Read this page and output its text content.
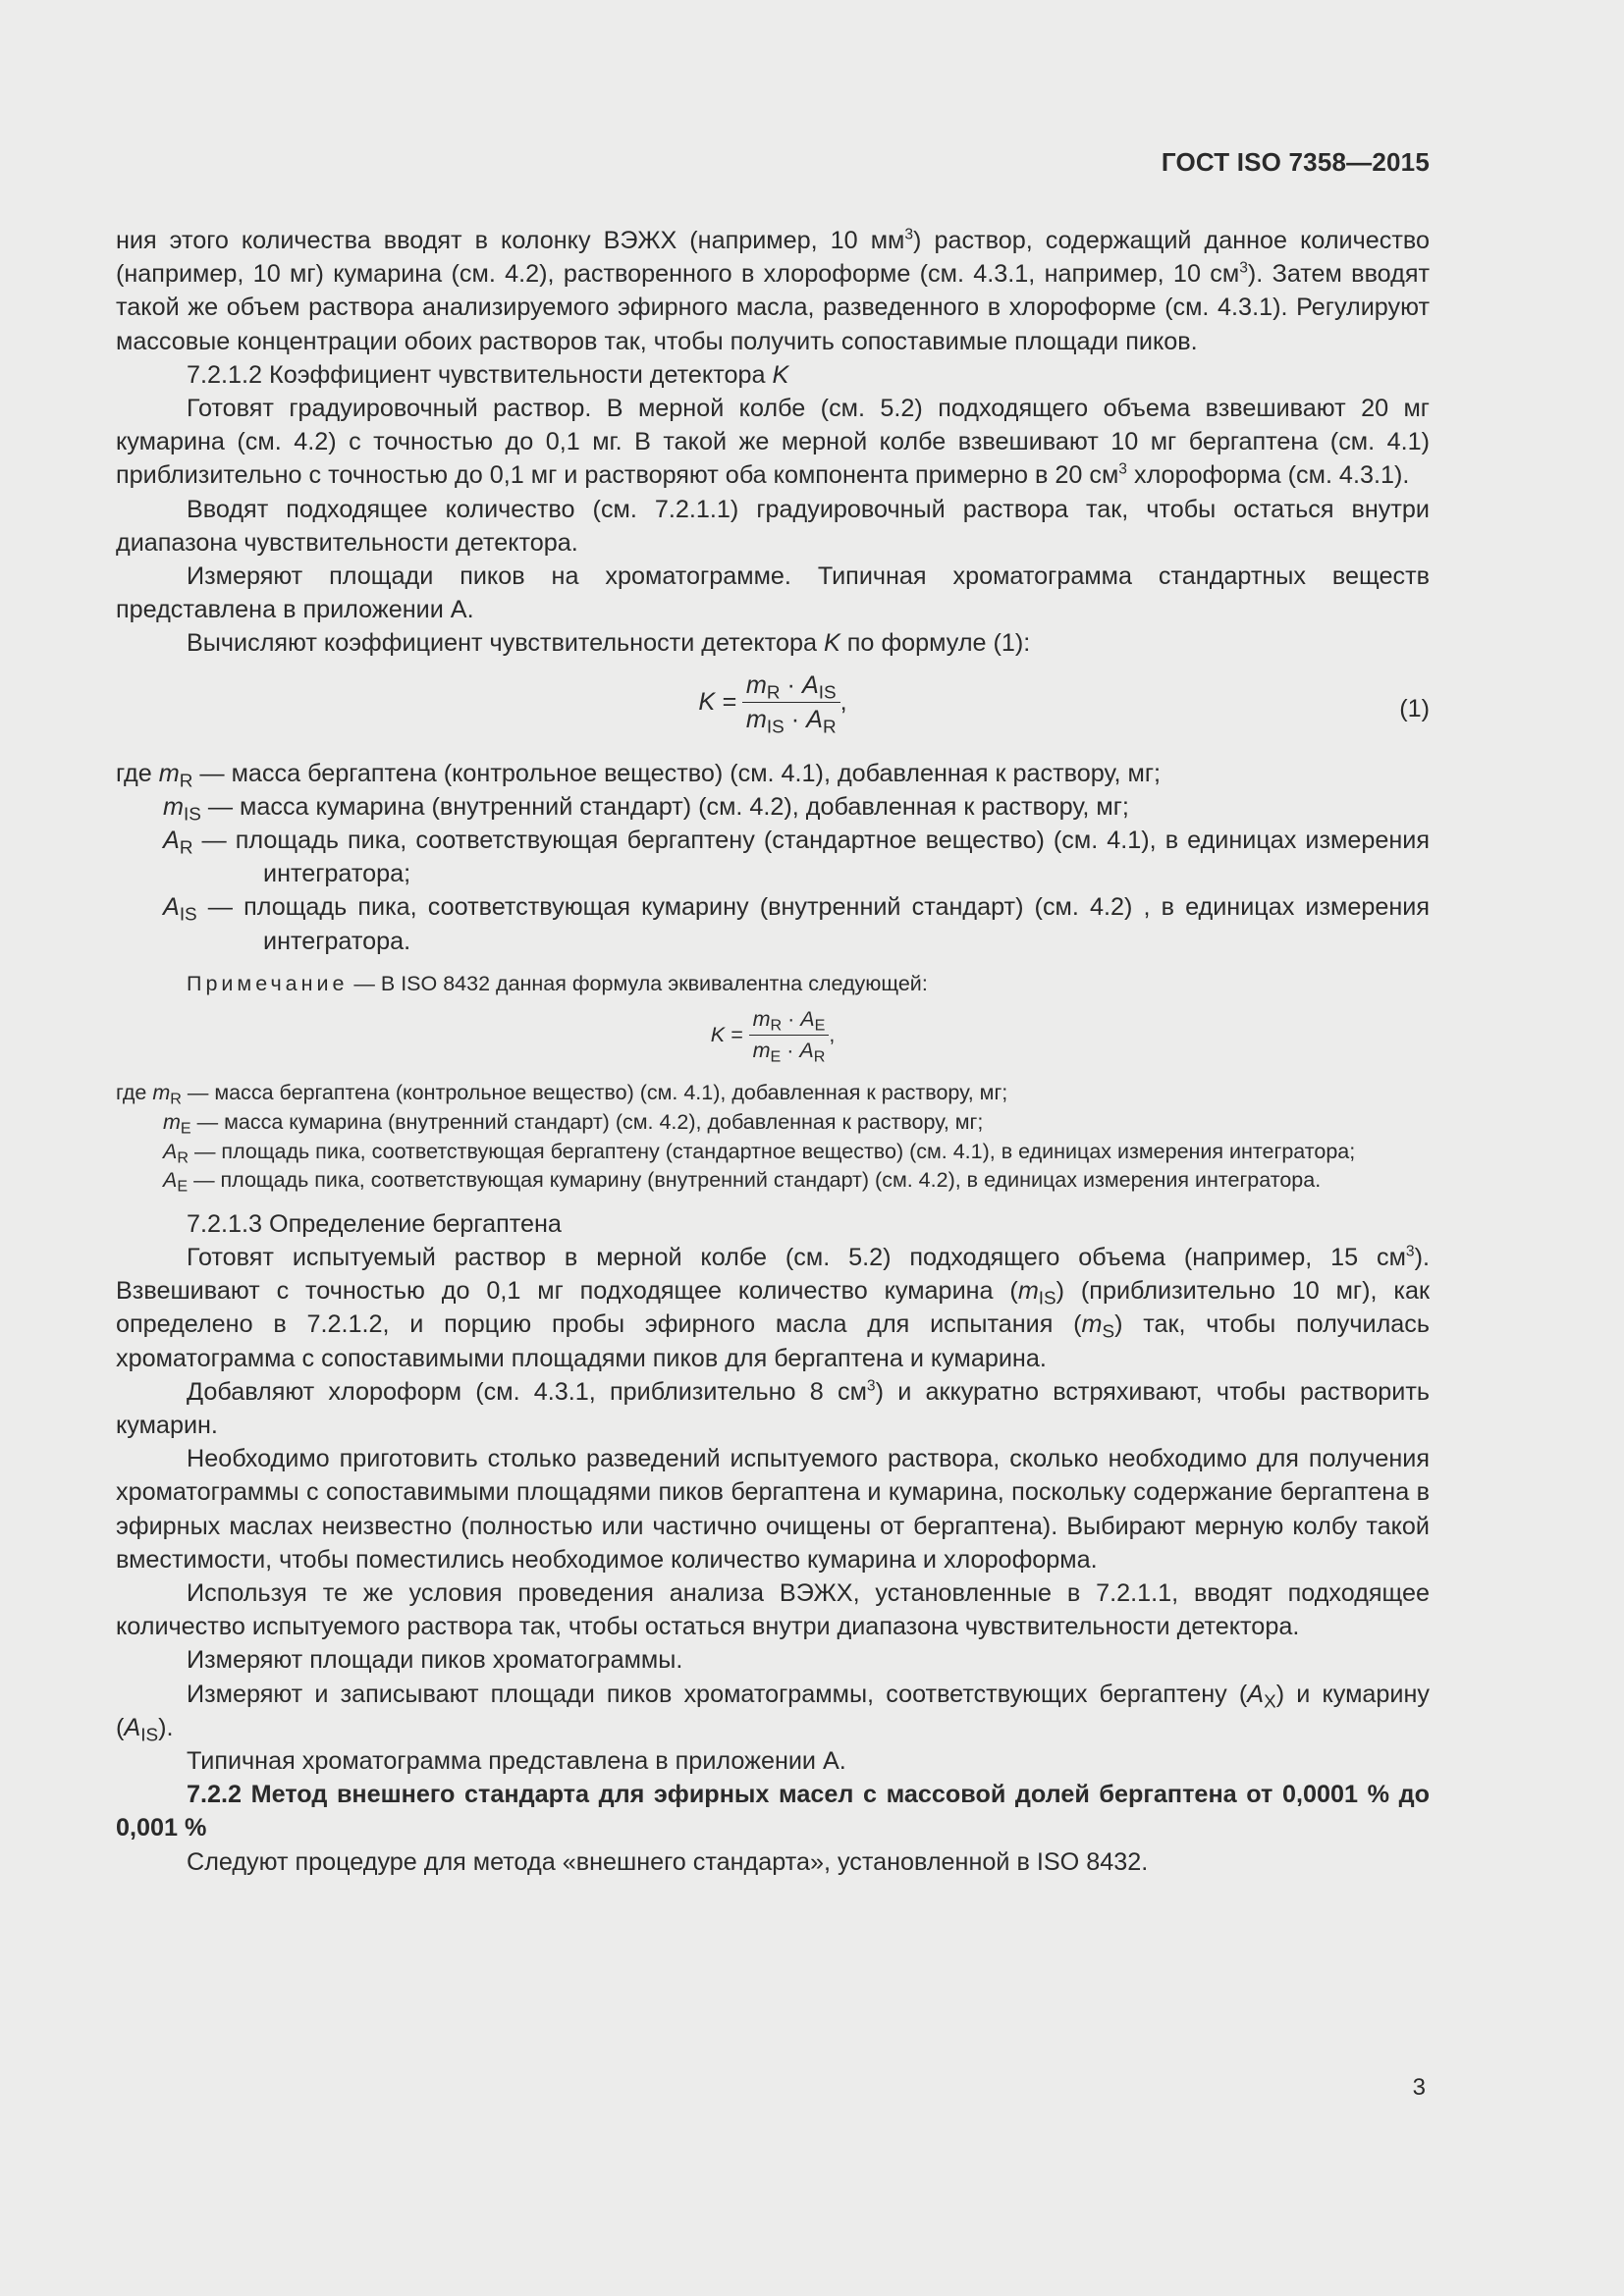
ГОСТ ISO 7358—2015

ния этого количества вводят в колонку ВЭЖХ (например, 10 $мм^3$) раствор, содержащий данное количество (например, 10 мг) кумарина (см. 4.2), растворенного в хлороформе (см. 4.3.1, например, 10 $см^3$). Затем вводят такой же объем раствора анализируемого эфирного масла, разведенного в хлороформе (см. 4.3.1). Регулируют массовые концентрации обоих растворов так, чтобы получить сопоставимые площади пиков.

7.2.1.2 Коэффициент чувствительности детектора K

Готовят градуировочный раствор. В мерной колбе (см. 5.2) подходящего объема взвешивают 20 мг кумарина (см. 4.2) с точностью до 0,1 мг. В такой же мерной колбе взвешивают 10 мг бергаптена (см. 4.1) приблизительно с точностью до 0,1 мг и растворяют оба компонента примерно в 20 $см^3$ хлороформа (см. 4.3.1).

Вводят подходящее количество (см. 7.2.1.1) градуировочный раствора так, чтобы остаться внутри диапазона чувствительности детектора.

Измеряют площади пиков на хроматограмме. Типичная хроматограмма стандартных веществ представлена в приложении А.

Вычисляют коэффициент чувствительности детектора K по формуле (1):

$K = \frac{m_R \cdot A_{IS}}{m_{IS} \cdot A_R}$ ,	(1)

где $m_R$ — масса бергаптена (контрольное вещество) (см. 4.1), добавленная к раствору, мг;

$m_{IS}$ — масса кумарина (внутренний стандарт) (см. 4.2), добавленная к раствору, мг;

$A_R$ — площадь пика, соответствующая бергаптену (стандартное вещество) (см. 4.1), в единицах измерения интегратора;

$A_{IS}$ — площадь пика, соответствующая кумарину (внутренний стандарт) (см. 4.2) , в единицах измерения интегратора.

Примечание — В ISO 8432 данная формула эквивалентна следующей:

$K = \frac{m_R \cdot A_E}{m_E \cdot A_R}$ ,

где $m_R$ — масса бергаптена (контрольное вещество) (см. 4.1), добавленная к раствору, мг;

$m_E$ — масса кумарина (внутренний стандарт) (см. 4.2), добавленная к раствору, мг;

$A_R$ — площадь пика, соответствующая бергаптену (стандартное вещество) (см. 4.1), в единицах измерения интегратора;

$A_E$ — площадь пика, соответствующая кумарину (внутренний стандарт) (см. 4.2), в единицах измерения интегратора.

7.2.1.3 Определение бергаптена

Готовят испытуемый раствор в мерной колбе (см. 5.2) подходящего объема (например, 15 $см^3$). Взвешивают с точностью до 0,1 мг подходящее количество кумарина $(m_{IS})$ (приблизительно 10 мг), как определено в 7.2.1.2, и порцию пробы эфирного масла для испытания $(m_S)$ так, чтобы получилась хроматограмма с сопоставимыми площадями пиков для бергаптена и кумарина.

Добавляют хлороформ (см. 4.3.1, приблизительно 8 $см^3$) и аккуратно встряхивают, чтобы растворить кумарин.

Необходимо приготовить столько разведений испытуемого раствора, сколько необходимо для получения хроматограммы с сопоставимыми площадями пиков бергаптена и кумарина, поскольку содержание бергаптена в эфирных маслах неизвестно (полностью или частично очищены от бергаптена). Выбирают мерную колбу такой вместимости, чтобы поместились необходимое количество кумарина и хлороформа.

Используя те же условия проведения анализа ВЭЖХ, установленные в 7.2.1.1, вводят подходящее количество испытуемого раствора так, чтобы остаться внутри диапазона чувствительности детектора.

Измеряют площади пиков хроматограммы.

Измеряют и записывают площади пиков хроматограммы, соответствующих бергаптену $(A_X)$ и кумарину $(A_{IS})$.

Типичная хроматограмма представлена в приложении А.

7.2.2 Метод внешнего стандарта для эфирных масел с массовой долей бергаптена от 0,0001 % до 0,001 %

Следуют процедуре для метода «внешнего стандарта», установленной в ISO 8432.

3
